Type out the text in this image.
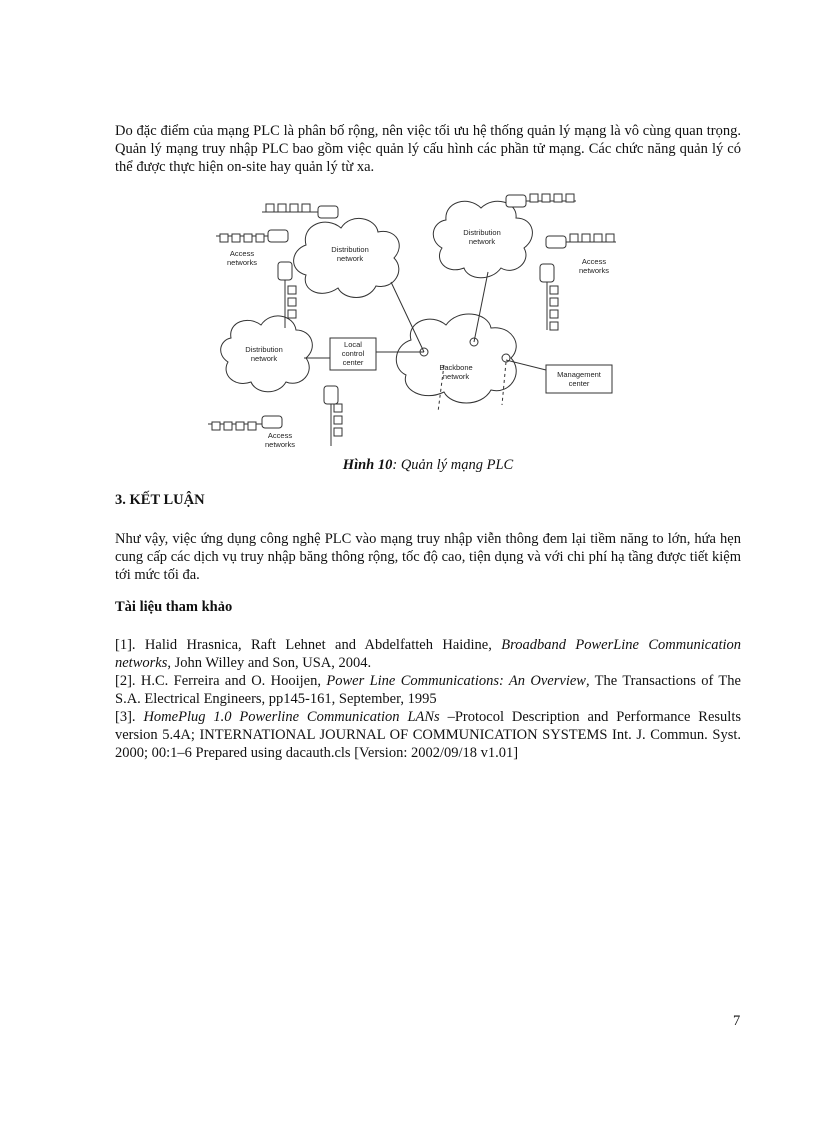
Do đặc điểm của mạng PLC là phân bố rộng, nên việc tối ưu hệ thống quản lý mạng là vô cùng quan trọng. Quản lý mạng truy nhập PLC bao gồm việc quản lý cấu hình các phần tử mạng. Các chức năng quản lý có thể được thực hiện on-site hay quản lý từ xa.

Distribution
network
Distribution
network
Distribution
network
Backbone
network
Local
control
center
Management
center
Access
networks	Access
networks
Access
networks
Hình 10: Quản lý mạng PLC
3. KẾT LUẬN

Như vậy, việc ứng dụng công nghệ PLC vào mạng truy nhập viễn thông đem lại tiềm năng to lớn, hứa hẹn cung cấp các dịch vụ truy nhập băng thông rộng, tốc độ cao, tiện dụng và với chi phí hạ tầng được tiết kiệm tới mức tối đa.

Tài liệu tham khảo
[1]. Halid Hrasnica, Raft Lehnet and Abdelfatteh Haidine, Broadband PowerLine Communication networks, John Willey and Son, USA, 2004.
[2]. H.C. Ferreira and O. Hooijen, Power Line Communications: An Overview, The Transactions of The S.A. Electrical Engineers, pp145-161, September, 1995
[3]. HomePlug 1.0 Powerline Communication LANs –Protocol Description and Performance Results version 5.4A; INTERNATIONAL JOURNAL OF COMMUNICATION SYSTEMS Int. J. Commun. Syst. 2000; 00:1–6 Prepared using dacauth.cls [Version: 2002/09/18 v1.01]
7
